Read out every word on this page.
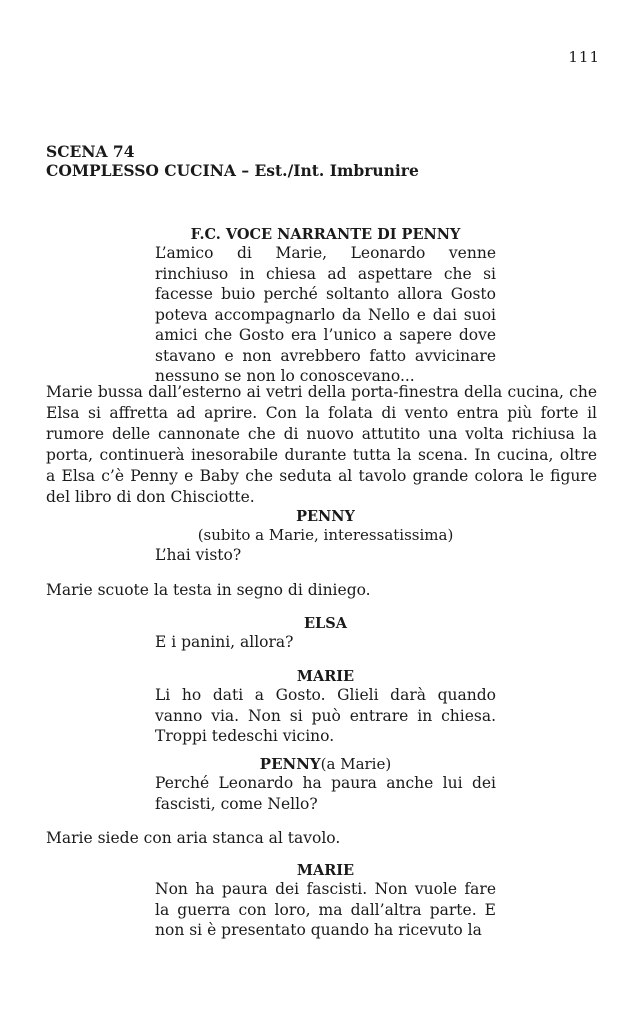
111
SCENA 74
COMPLESSO CUCINA – Est./Int. Imbrunire
F.C. VOCE NARRANTE DI PENNY
L’amico di Marie, Leonardo venne rinchiuso in chiesa ad aspettare che si facesse buio perché soltanto allora Gosto poteva accompagnarlo da Nello e dai suoi amici che Gosto era l’unico a sapere dove stavano e non avrebbero fatto avvicinare nessuno se non lo conoscevano...
Marie bussa dall’esterno ai vetri della porta-finestra della cucina, che Elsa si affretta ad aprire. Con la folata di vento entra più forte il rumore delle cannonate che di nuovo attutito una volta richiusa la porta, continuerà inesorabile durante tutta la scena. In cucina, oltre a Elsa c’è Penny e Baby che seduta al tavolo grande colora le figure del libro di don Chisciotte.
PENNY
(subito a Marie, interessatissima)
L’hai visto?
Marie scuote la testa in segno di diniego.
ELSA
E i panini, allora?
MARIE
Li ho dati a Gosto. Glieli darà quando vanno via. Non si può entrare in chiesa. Troppi tedeschi vicino.
PENNY(a Marie)
Perché Leonardo ha paura anche lui dei fascisti, come Nello?
Marie siede con aria stanca al tavolo.
MARIE
Non ha paura dei fascisti. Non vuole fare la guerra con loro, ma dall’altra parte. E non si è presentato quando ha ricevuto la
